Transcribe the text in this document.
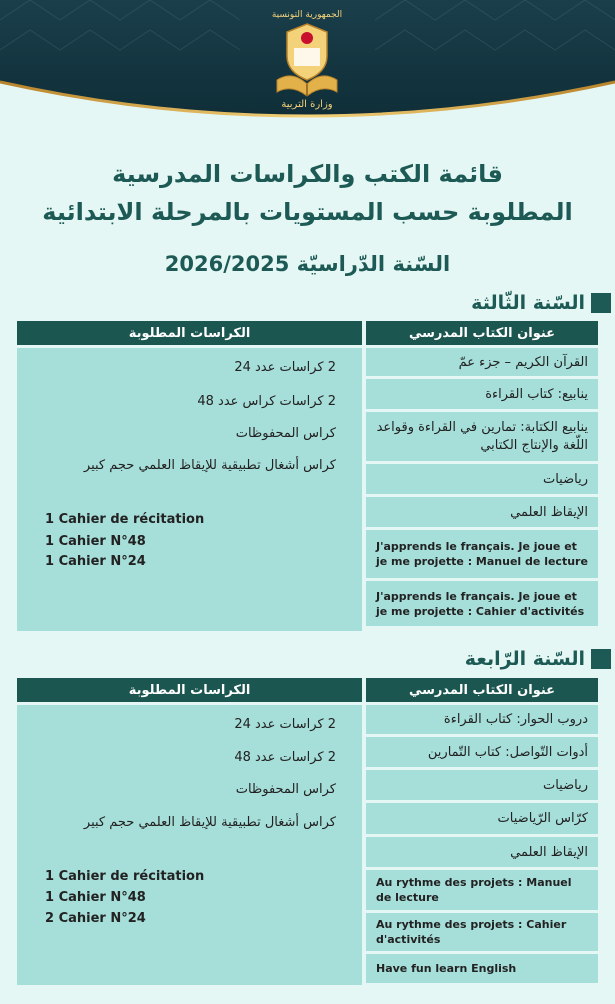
الجمهورية التونسية
وزارة التربية
قائمة الكتب والكراسات المدرسية
المطلوبة حسب المستويات بالمرحلة الابتدائية
السّنة الدّراسيّة 2026/2025
السّنة الثّالثة
الكراسات المطلوبة	عنوان الكتاب المدرسي
القرآن الكريم – جزء عمّ
ينابيع: كتاب القراءة
ينابيع الكتابة: تمارين في القراءة وقواعد اللّغة والإنتاج الكتابي
رياضيات
الإيقاظ العلمي
J'apprends le français. Je joue et je me projette : Manuel de lecture
J'apprends le français. Je joue et je me projette : Cahier d'activités
2 كراسات عدد 24
2 كراسات كراس عدد 48
كراس المحفوظات
كراس أشغال تطبيقية للإيقاظ العلمي حجم كبير
1 Cahier de récitation
1 Cahier N°48
1 Cahier N°24
السّنة الرّابعة
الكراسات المطلوبة	عنوان الكتاب المدرسي
دروب الحوار: كتاب القراءة
أدوات التّواصل: كتاب التّمارين
رياضيات
كرّاس الرّياضيات
الإيقاظ العلمي
Au rythme des projets : Manuel de lecture
Au rythme des projets : Cahier d'activités
Have fun learn English
2 كراسات عدد 24
2 كراسات عدد 48
كراس المحفوظات
كراس أشغال تطبيقية للإيقاظ العلمي حجم كبير
1 Cahier de récitation
1 Cahier N°48
2 Cahier N°24
